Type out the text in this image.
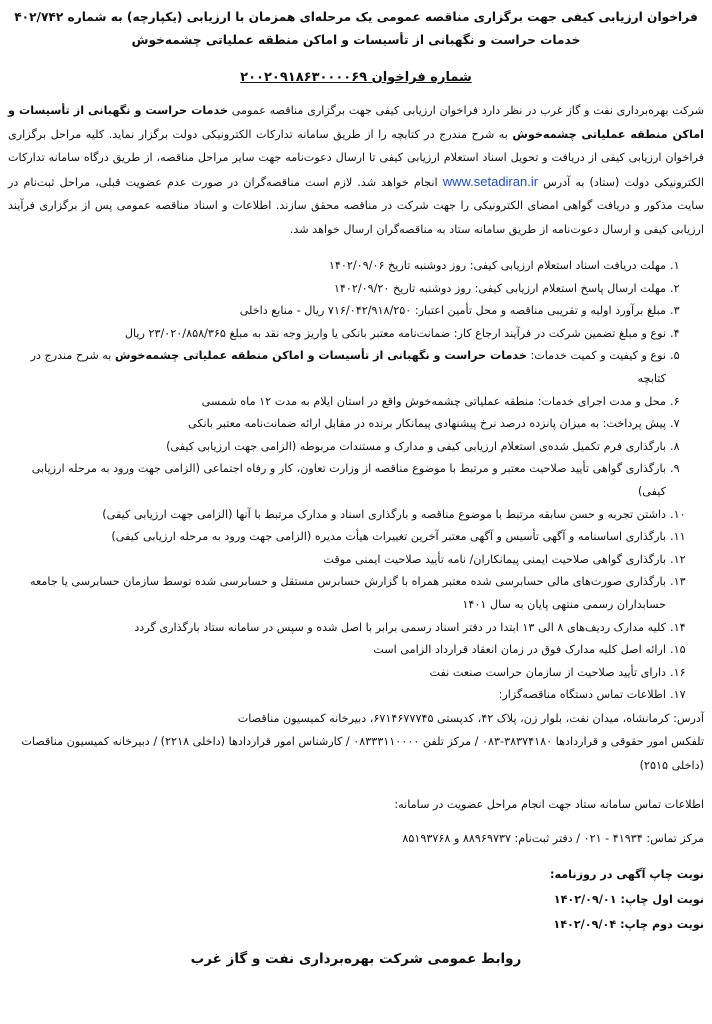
فراخوان ارزیابی کیفی جهت برگزاری مناقصه عمومی یک مرحله‌ای همزمان با ارزیابی (یکپارچه) به شماره ۴۰۲/۷۴۲

خدمات حراست و نگهبانی از تأسیسات و اماکن منطقه عملیاتی چشمه‌خوش

شماره فراخوان ۲۰۰۲۰۹۱۸۶۳۰۰۰۰۶۹

شرکت بهره‌برداری نفت و گاز غرب در نظر دارد فراخوان ارزیابی کیفی جهت برگزاری مناقصه عمومی خدمات حراست و نگهبانی از تأسیسات و اماکن منطقه عملیاتی چشمه‌خوش به شرح مندرج در کتابچه را از طریق سامانه تدارکات الکترونیکی دولت برگزار نماید. کلیه مراحل برگزاری فراخوان ارزیابی کیفی از دریافت و تحویل اسناد استعلام ارزیابی کیفی تا ارسال دعوت‌نامه جهت سایر مراحل مناقصه، از طریق درگاه سامانه تدارکات الکترونیکی دولت (ستاد) به آدرس www.setadiran.ir انجام خواهد شد. لازم است مناقصه‌گران در صورت عدم عضویت قبلی، مراحل ثبت‌نام در سایت مذکور و دریافت گواهی امضای الکترونیکی را جهت شرکت در مناقصه محقق سازند. اطلاعات و اسناد مناقصه عمومی پس از برگزاری فرآیند ارزیابی کیفی و ارسال دعوت‌نامه از طریق سامانه ستاد به مناقصه‌گران ارسال خواهد شد.

۱.
مهلت دریافت اسناد استعلام ارزیابی کیفی: روز دوشنبه تاریخ ۱۴۰۲/۰۹/۰۶
۲.
مهلت ارسال پاسخ استعلام ارزیابی کیفی: روز دوشنبه تاریخ ۱۴۰۲/۰۹/۲۰
۳.
مبلغ برآورد اولیه و تقریبی مناقصه و محل تأمین اعتبار: ۷۱۶/۰۴۲/۹۱۸/۲۵۰ ریال - منابع داخلی
۴.
نوع و مبلغ تضمین شرکت در فرآیند ارجاع کار: ضمانت‌نامه معتبر بانکی یا واریز وجه نقد به مبلغ ۲۳/۰۲۰/۸۵۸/۳۶۵ ریال
۵.
نوع و کیفیت و کمیت خدمات: خدمات حراست و نگهبانی از تأسیسات و اماکن منطقه عملیاتی چشمه‌خوش به شرح مندرج در کتابچه
۶.
محل و مدت اجرای خدمات: منطقه عملیاتی چشمه‌خوش واقع در استان ایلام به مدت ۱۲ ماه شمسی
۷.
پیش پرداخت: به میزان پانزده درصد نرخ پیشنهادی پیمانکار برنده در مقابل ارائه ضمانت‌نامه معتبر بانکی
۸.
بارگذاری فرم تکمیل شده‌ی استعلام ارزیابی کیفی و مدارک و مستندات مربوطه (الزامی جهت ارزیابی کیفی)
۹.
بارگذاری گواهی تأیید صلاحیت معتبر و مرتبط با موضوع مناقصه از وزارت تعاون، کار و رفاه اجتماعی (الزامی جهت ورود به مرحله ارزیابی کیفی)
۱۰.
داشتن تجربه و حسن سابقه مرتبط با موضوع مناقصه و بارگذاری اسناد و مدارک مرتبط با آنها (الزامی جهت ارزیابی کیفی)
۱۱.
بارگذاری اساسنامه و آگهی تأسیس و آگهی معتبر آخرین تغییرات هیأت مدیره (الزامی جهت ورود به مرحله ارزیابی کیفی)
۱۲.
بارگذاری گواهی صلاحیت ایمنی پیمانکاران/ نامه تأیید صلاحیت ایمنی موقت
۱۳.
بارگذاری صورت‌های مالی حسابرسی شده معتبر همراه با گزارش حسابرس مستقل و حسابرسی شده توسط سازمان حسابرسی یا جامعه حسابداران رسمی منتهی پایان به سال ۱۴۰۱
۱۴.
کلیه مدارک ردیف‌های ۸ الی ۱۳ ابتدا در دفتر اسناد رسمی برابر با اصل شده و سپس در سامانه ستاد بارگذاری گردد
۱۵.
ارائه اصل کلیه مدارک فوق در زمان انعقاد قرارداد الزامی است
۱۶.
دارای تأیید صلاحیت از سازمان حراست صنعت نفت
۱۷.
اطلاعات تماس دستگاه مناقصه‌گزار:
آدرس: کرمانشاه، میدان نفت، بلوار زن، پلاک ۴۲، کدپستی ۶۷۱۴۶۷۷۷۴۵، دبیرخانه کمیسیون مناقصات
تلفکس امور حقوقی و قراردادها ۳۸۳۷۴۱۸۰-۰۸۳ / مرکز تلفن ۰۸۳۳۳۱۱۰۰۰۰ / کارشناس امور قراردادها (داخلی ۲۲۱۸) / دبیرخانه کمیسیون مناقصات (داخلی ۲۵۱۵)
اطلاعات تماس سامانه ستاد جهت انجام مراحل عضویت در سامانه:
مرکز تماس: ۴۱۹۳۴ - ۰۲۱ / دفتر ثبت‌نام: ۸۸۹۶۹۷۳۷ و ۸۵۱۹۳۷۶۸
نوبت چاپ آگهی در روزنامه:
نوبت اول چاپ: ۱۴۰۲/۰۹/۰۱
نوبت دوم چاپ: ۱۴۰۲/۰۹/۰۴
روابط عمومی شرکت بهره‌برداری نفت و گاز غرب
